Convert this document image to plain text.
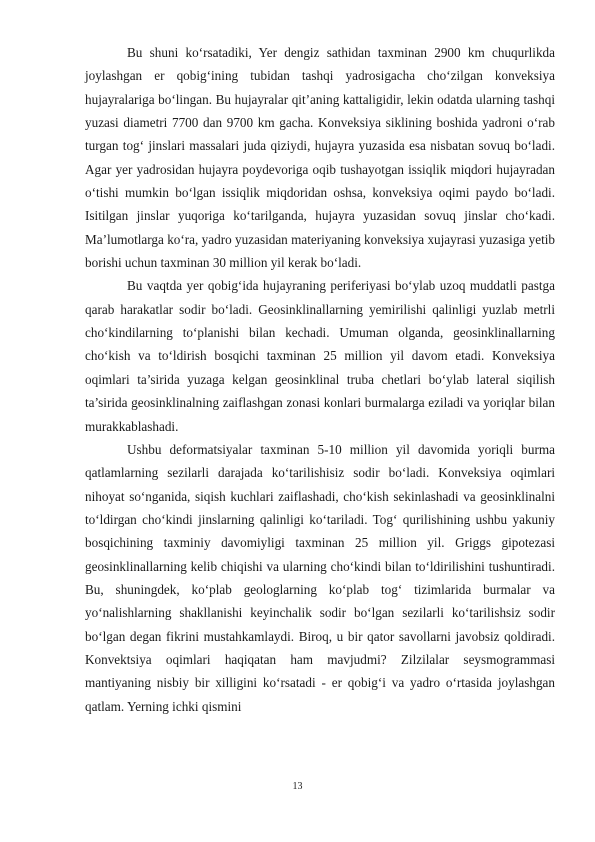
Bu shuni ko‘rsatadiki, Yer dengiz sathidan taxminan 2900 km chuqurlikda joylashgan er qobig‘ining tubidan tashqi yadrosigacha cho‘zilgan konveksiya hujayralariga bo‘lingan. Bu hujayralar qit’aning kattaligidir, lekin odatda ularning tashqi yuzasi diametri 7700 dan 9700 km gacha. Konveksiya siklining boshida yadroni o‘rab turgan tog‘ jinslari massalari juda qiziydi, hujayra yuzasida esa nisbatan sovuq bo‘ladi. Agar yer yadrosidan hujayra poydevoriga oqib tushayotgan issiqlik miqdori hujayradan o‘tishi mumkin bo‘lgan issiqlik miqdoridan oshsa, konveksiya oqimi paydo bo‘ladi. Isitilgan jinslar yuqoriga ko‘tarilganda, hujayra yuzasidan sovuq jinslar cho‘kadi. Ma’lumotlarga ko‘ra, yadro yuzasidan materiyaning konveksiya xujayrasi yuzasiga yetib borishi uchun taxminan 30 million yil kerak bo‘ladi.

Bu vaqtda yer qobig‘ida hujayraning periferiyasi bo‘ylab uzoq muddatli pastga qarab harakatlar sodir bo‘ladi. Geosinklinallarning yemirilishi qalinligi yuzlab metrli cho‘kindilarning to‘planishi bilan kechadi. Umuman olganda, geosinklinallarning cho‘kish va to‘ldirish bosqichi taxminan 25 million yil davom etadi. Konveksiya oqimlari ta’sirida yuzaga kelgan geosinklinal truba chetlari bo‘ylab lateral siqilish ta’sirida geosinklinalning zaiflashgan zonasi konlari burmalarga eziladi va yoriqlar bilan murakkablashadi.

Ushbu deformatsiyalar taxminan 5-10 million yil davomida yoriqli burma qatlamlarning sezilarli darajada ko‘tarilishisiz sodir bo‘ladi. Konveksiya oqimlari nihoyat so‘nganida, siqish kuchlari zaiflashadi, cho‘kish sekinlashadi va geosinklinalni to‘ldirgan cho‘kindi jinslarning qalinligi ko‘tariladi. Tog‘ qurilishining ushbu yakuniy bosqichining taxminiy davomiyligi taxminan 25 million yil. Griggs gipotezasi geosinklinallarning kelib chiqishi va ularning cho‘kindi bilan to‘ldirilishini tushuntiradi. Bu, shuningdek, ko‘plab geologlarning ko‘plab tog‘ tizimlarida burmalar va yo‘nalishlarning shakllanishi keyinchalik sodir bo‘lgan sezilarli ko‘tarilishsiz sodir bo‘lgan degan fikrini mustahkamlaydi. Biroq, u bir qator savollarni javobsiz qoldiradi. Konvektsiya oqimlari haqiqatan ham mavjudmi? Zilzilalar seysmogrammasi mantiyaning nisbiy bir xilligini ko‘rsatadi - er qobig‘i va yadro o‘rtasida joylashgan qatlam. Yerning ichki qismini

13
